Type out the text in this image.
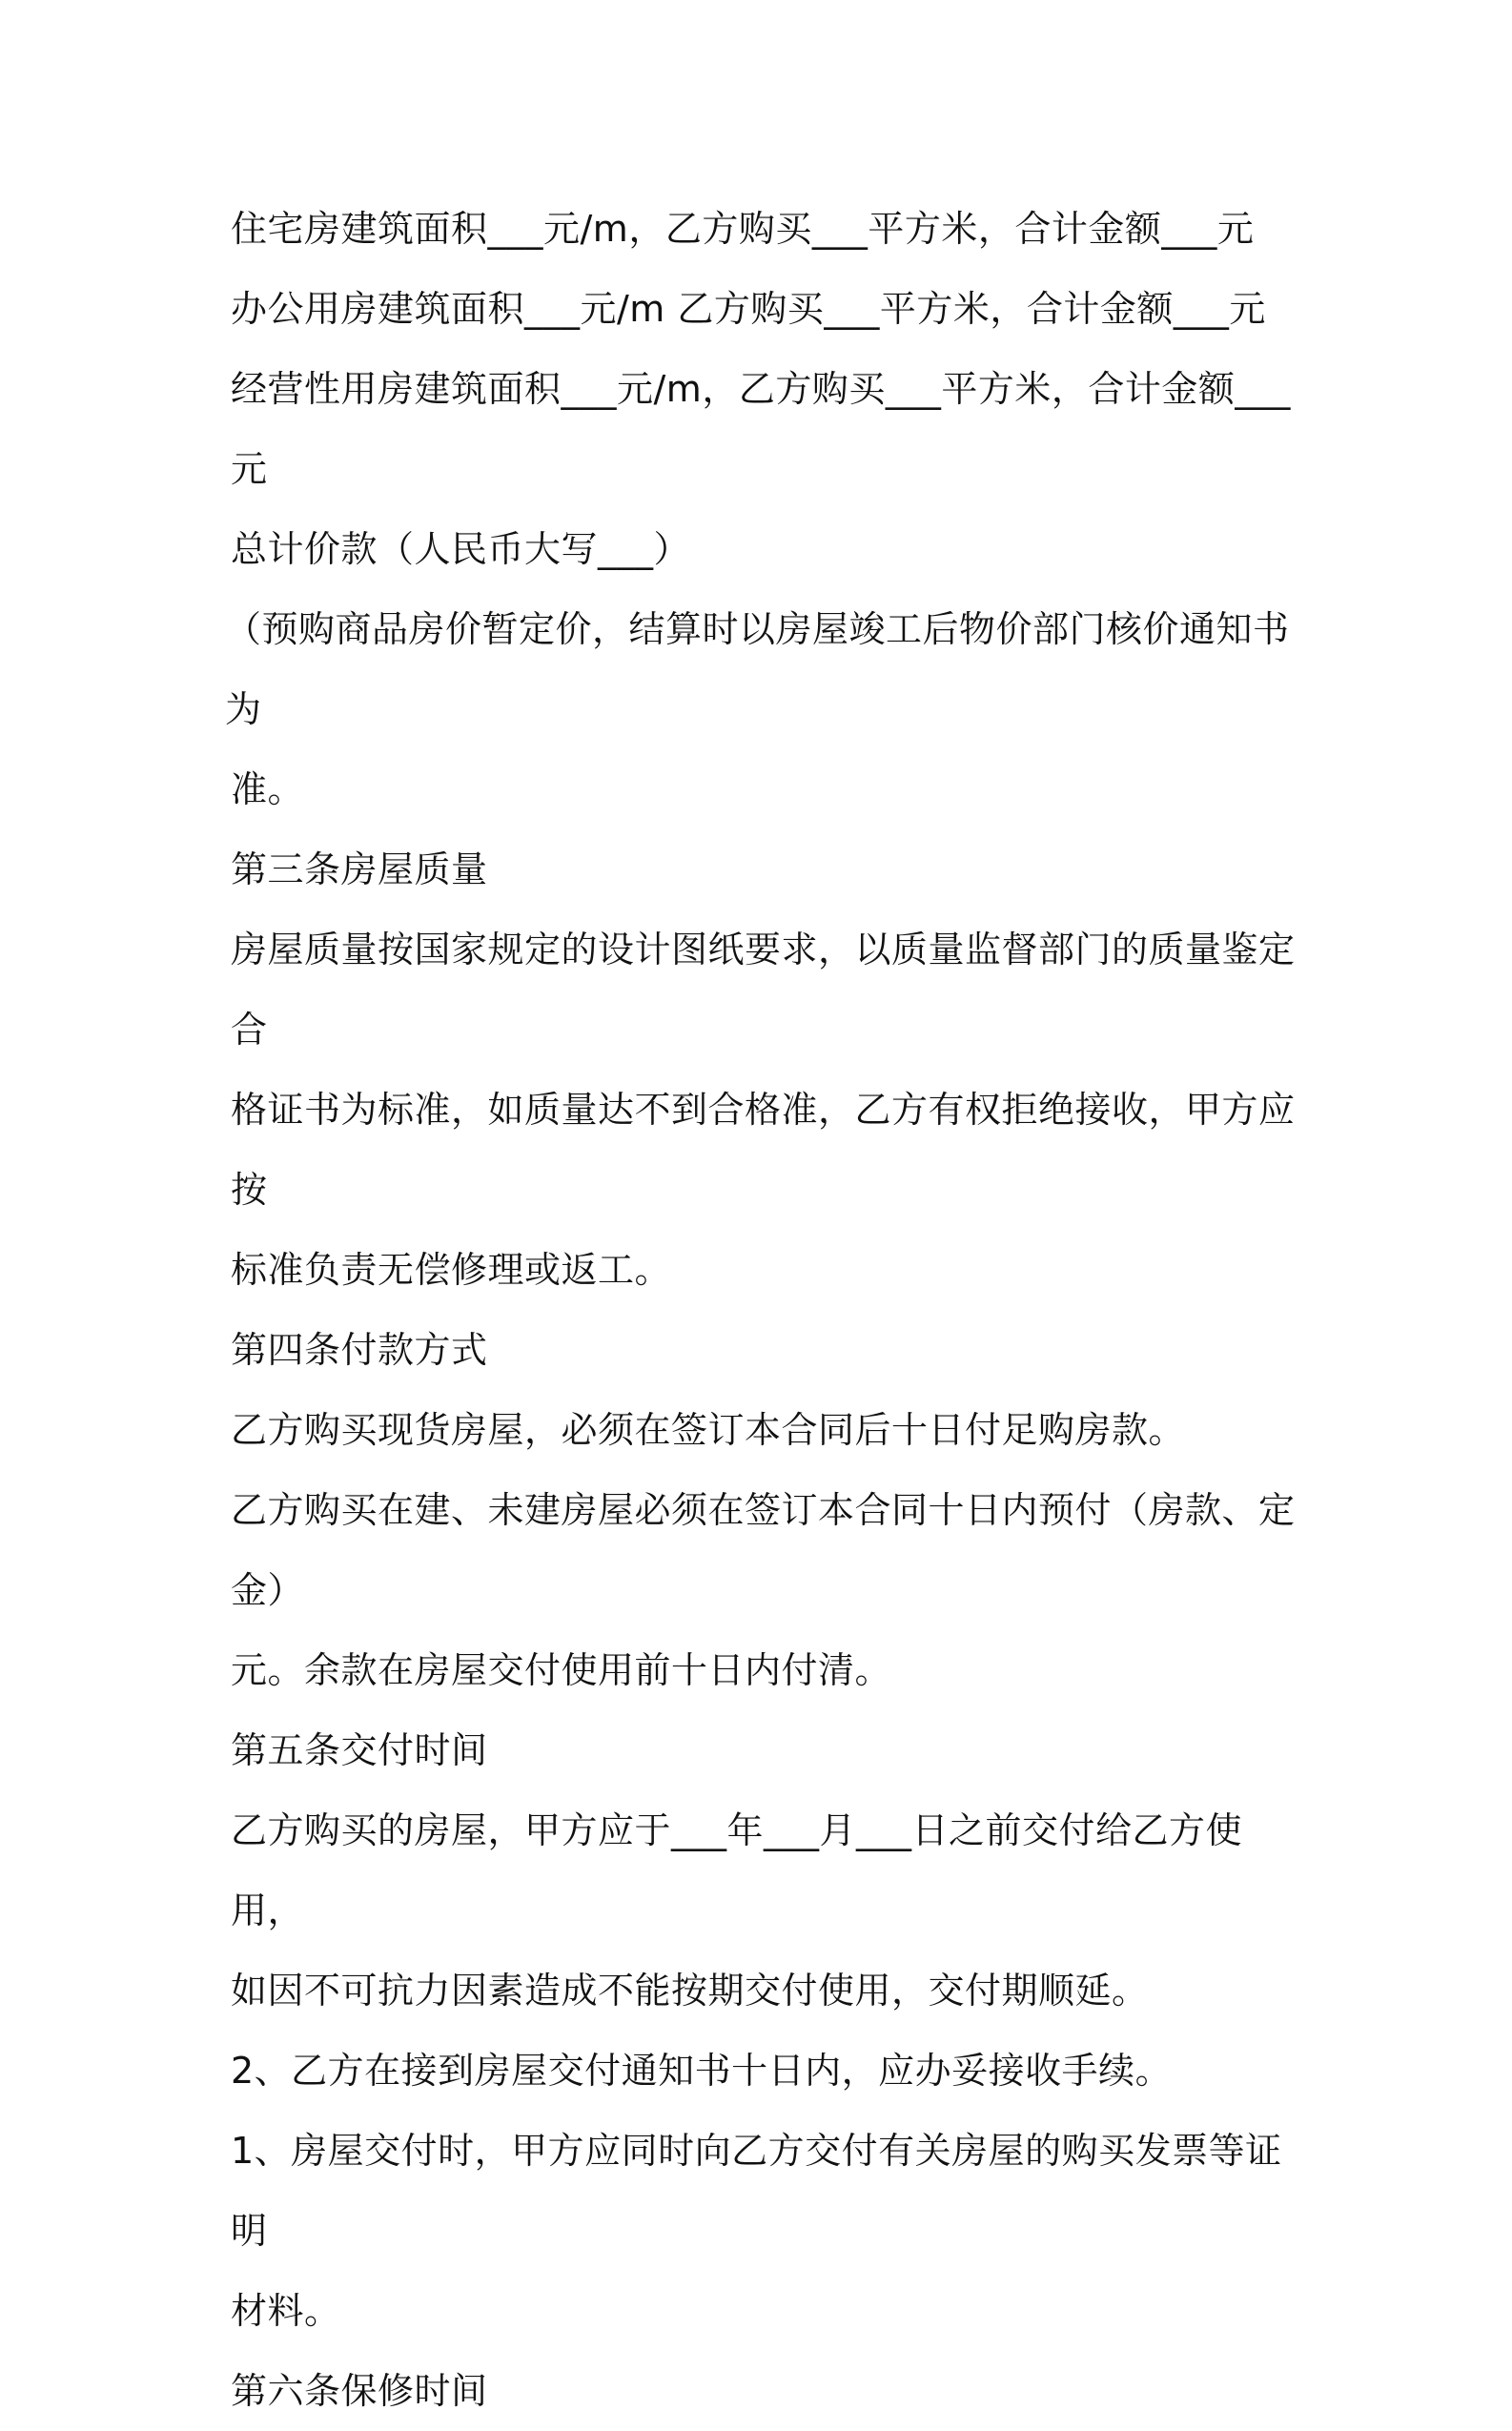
住宅房建筑面积___元/m，乙方购买___平方米，合计金额___元

办公用房建筑面积___元/m 乙方购买___平方米，合计金额___元

经营性用房建筑面积___元/m，乙方购买___平方米，合计金额___

元

总计价款（人民币大写___）

（预购商品房价暂定价，结算时以房屋竣工后物价部门核价通知书为

准。

第三条房屋质量

房屋质量按国家规定的设计图纸要求，以质量监督部门的质量鉴定合

格证书为标准，如质量达不到合格准，乙方有权拒绝接收，甲方应按

标准负责无偿修理或返工。

第四条付款方式

乙方购买现货房屋，必须在签订本合同后十日付足购房款。

乙方购买在建、未建房屋必须在签订本合同十日内预付（房款、定金）

元。余款在房屋交付使用前十日内付清。

第五条交付时间

乙方购买的房屋，甲方应于___年___月___日之前交付给乙方使用，

如因不可抗力因素造成不能按期交付使用，交付期顺延。

2、乙方在接到房屋交付通知书十日内，应办妥接收手续。

1、房屋交付时，甲方应同时向乙方交付有关房屋的购买发票等证明

材料。

第六条保修时间
